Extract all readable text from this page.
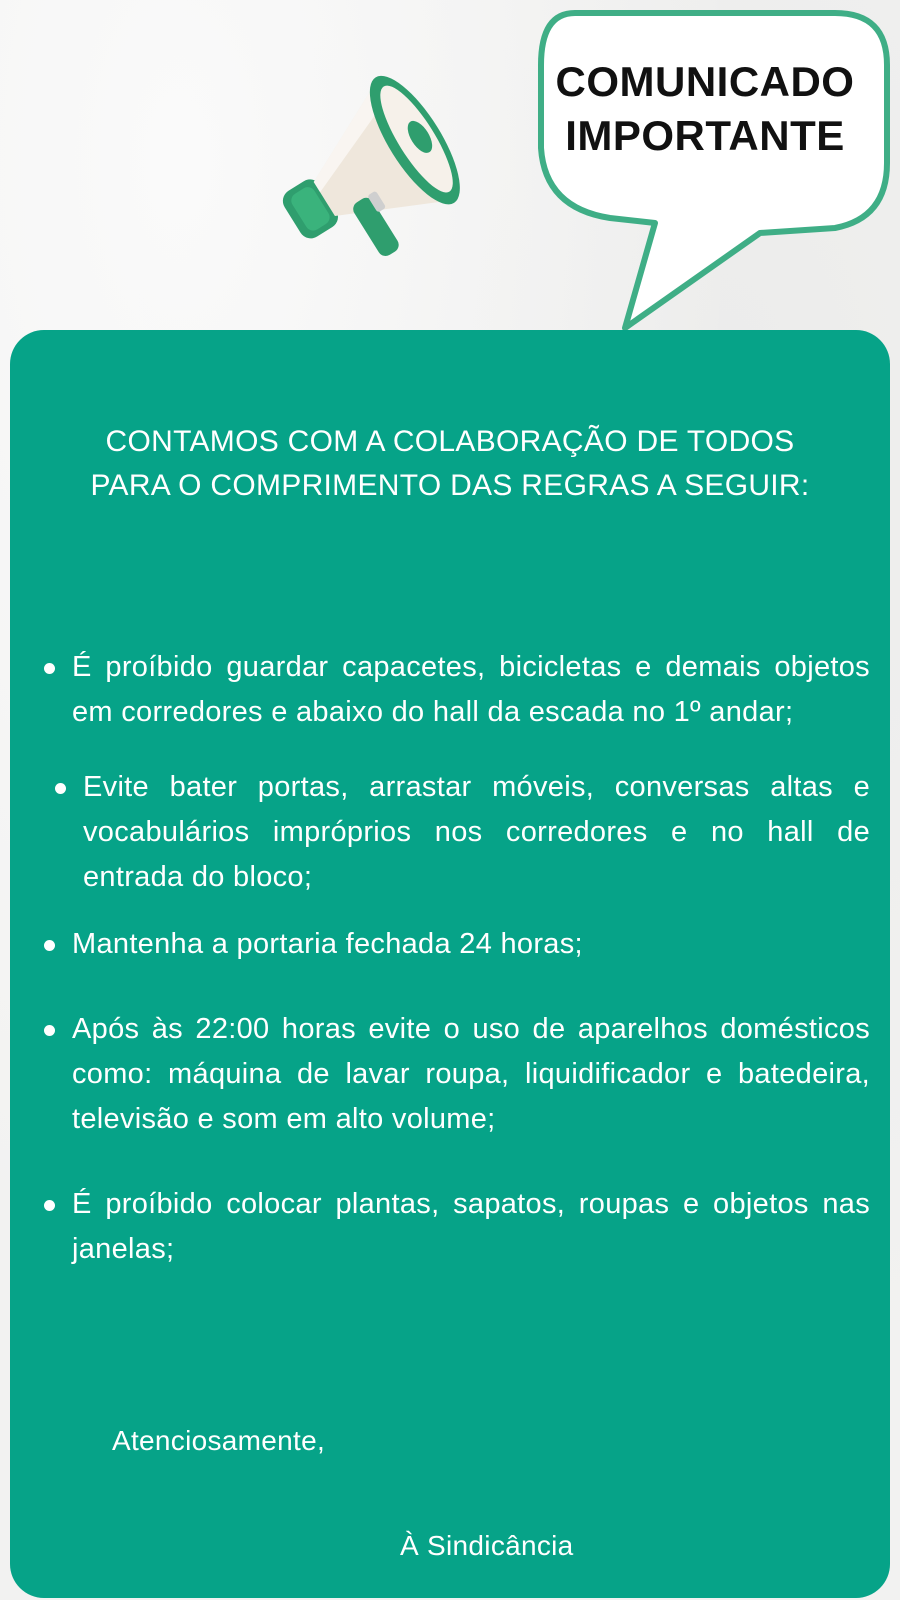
COMUNICADO
IMPORTANTE
CONTAMOS COM A COLABORAÇÃO DE TODOS
PARA O COMPRIMENTO DAS REGRAS A SEGUIR:
É proíbido guardar capacetes, bicicletas e demais objetos em corredores e abaixo do hall da escada no 1º andar;
Evite bater portas, arrastar móveis, conversas altas e vocabulários impróprios nos corredores e no hall de entrada do bloco;
Mantenha a portaria fechada 24 horas;
Após às 22:00 horas evite o uso de aparelhos domésticos como: máquina de lavar roupa, liquidificador e batedeira, televisão e som em alto volume;
É proíbido colocar plantas, sapatos, roupas e objetos nas janelas;
Atenciosamente,
À Sindicância
